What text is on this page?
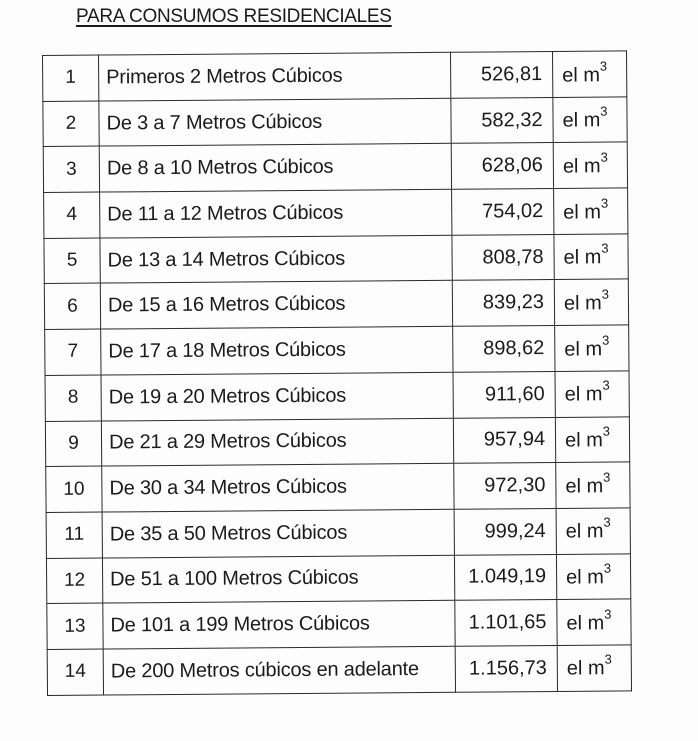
PARA CONSUMOS RESIDENCIALES
1	Primeros 2 Metros Cúbicos	526,81	el $m^3$
2	De 3 a 7 Metros Cúbicos	582,32	el $m^3$
3	De 8 a 10 Metros Cúbicos	628,06	el $m^3$
4	De 11 a 12 Metros Cúbicos	754,02	el $m^3$
5	De 13 a 14 Metros Cúbicos	808,78	el $m^3$
6	De 15 a 16 Metros Cúbicos	839,23	el $m^3$
7	De 17 a 18 Metros Cúbicos	898,62	el $m^3$
8	De 19 a 20 Metros Cúbicos	911,60	el $m^3$
9	De 21 a 29 Metros Cúbicos	957,94	el $m^3$
10	De 30 a 34 Metros Cúbicos	972,30	el $m^3$
11	De 35 a 50 Metros Cúbicos	999,24	el $m^3$
12	De 51 a 100 Metros Cúbicos	1.049,19	el $m^3$
13	De 101 a 199 Metros Cúbicos	1.101,65	el $m^3$
14	De 200 Metros cúbicos en adelante	1.156,73	el $m^3$
